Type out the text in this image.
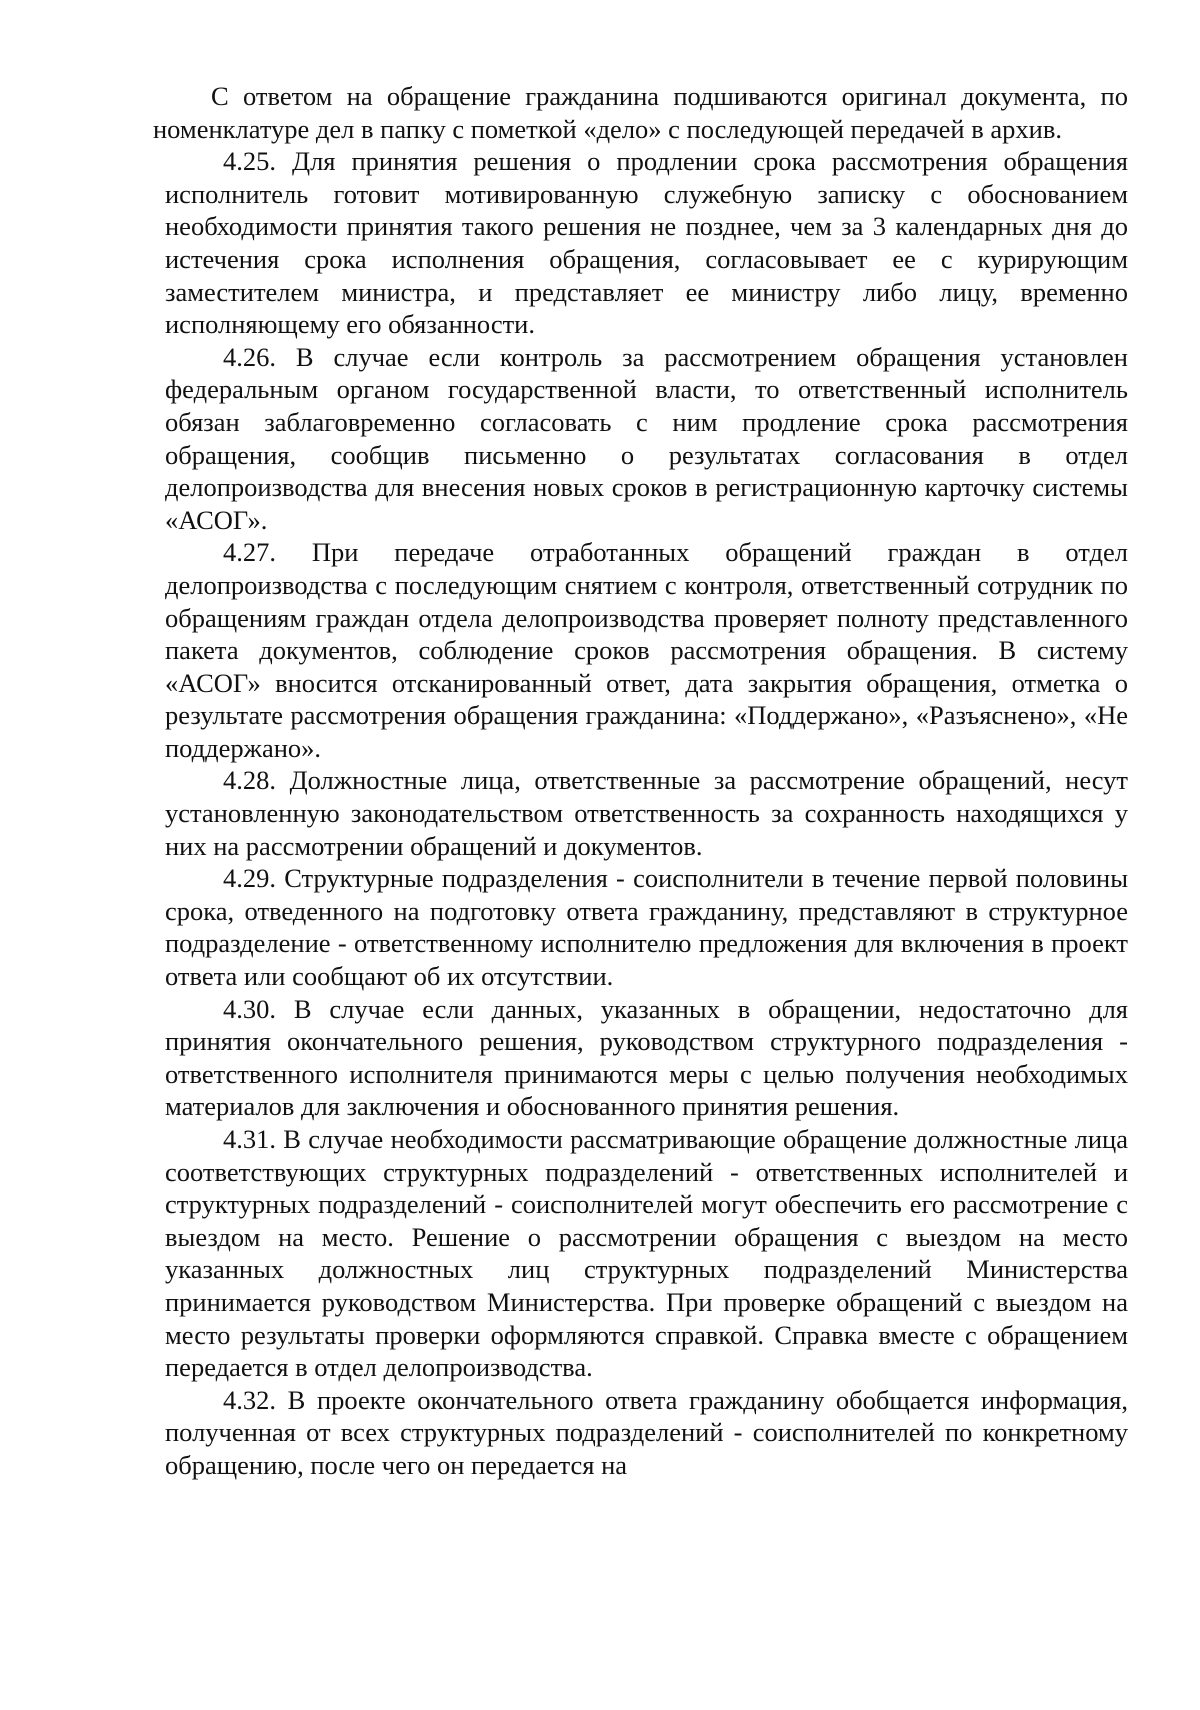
С ответом на обращение гражданина подшиваются оригинал документа, по номенклатуре дел в папку с пометкой «дело» с последующей передачей в архив.

4.25. Для принятия решения о продлении срока рассмотрения обращения исполнитель готовит мотивированную служебную записку с обоснованием необходимости принятия такого решения не позднее, чем за 3 календарных дня до истечения срока исполнения обращения, согласовывает ее с курирующим заместителем министра, и представляет ее министру либо лицу, временно исполняющему его обязанности.

4.26. В случае если контроль за рассмотрением обращения установлен федеральным органом государственной власти, то ответственный исполнитель обязан заблаговременно согласовать с ним продление срока рассмотрения обращения, сообщив письменно о результатах согласования в отдел делопроизводства для внесения новых сроков в регистрационную карточку системы «АСОГ».

4.27. При передаче отработанных обращений граждан в отдел делопроизводства с последующим снятием с контроля, ответственный сотрудник по обращениям граждан отдела делопроизводства проверяет полноту представленного пакета документов, соблюдение сроков рассмотрения обращения. В систему «АСОГ» вносится отсканированный ответ, дата закрытия обращения, отметка о результате рассмотрения обращения гражданина: «Поддержано», «Разъяснено», «Не поддержано».

4.28. Должностные лица, ответственные за рассмотрение обращений, несут установленную законодательством ответственность за сохранность находящихся у них на рассмотрении обращений и документов.

4.29. Структурные подразделения - соисполнители в течение первой половины срока, отведенного на подготовку ответа гражданину, представляют в структурное подразделение - ответственному исполнителю предложения для включения в проект ответа или сообщают об их отсутствии.

4.30. В случае если данных, указанных в обращении, недостаточно для принятия окончательного решения, руководством структурного подразделения - ответственного исполнителя принимаются меры с целью получения необходимых материалов для заключения и обоснованного принятия решения.

4.31. В случае необходимости рассматривающие обращение должностные лица соответствующих структурных подразделений - ответственных исполнителей и структурных подразделений - соисполнителей могут обеспечить его рассмотрение с выездом на место. Решение о рассмотрении обращения с выездом на место указанных должностных лиц структурных подразделений Министерства принимается руководством Министерства. При проверке обращений с выездом на место результаты проверки оформляются справкой. Справка вместе с обращением передается в отдел делопроизводства.

4.32. В проекте окончательного ответа гражданину обобщается информация, полученная от всех структурных подразделений - соисполнителей по конкретному обращению, после чего он передается на
